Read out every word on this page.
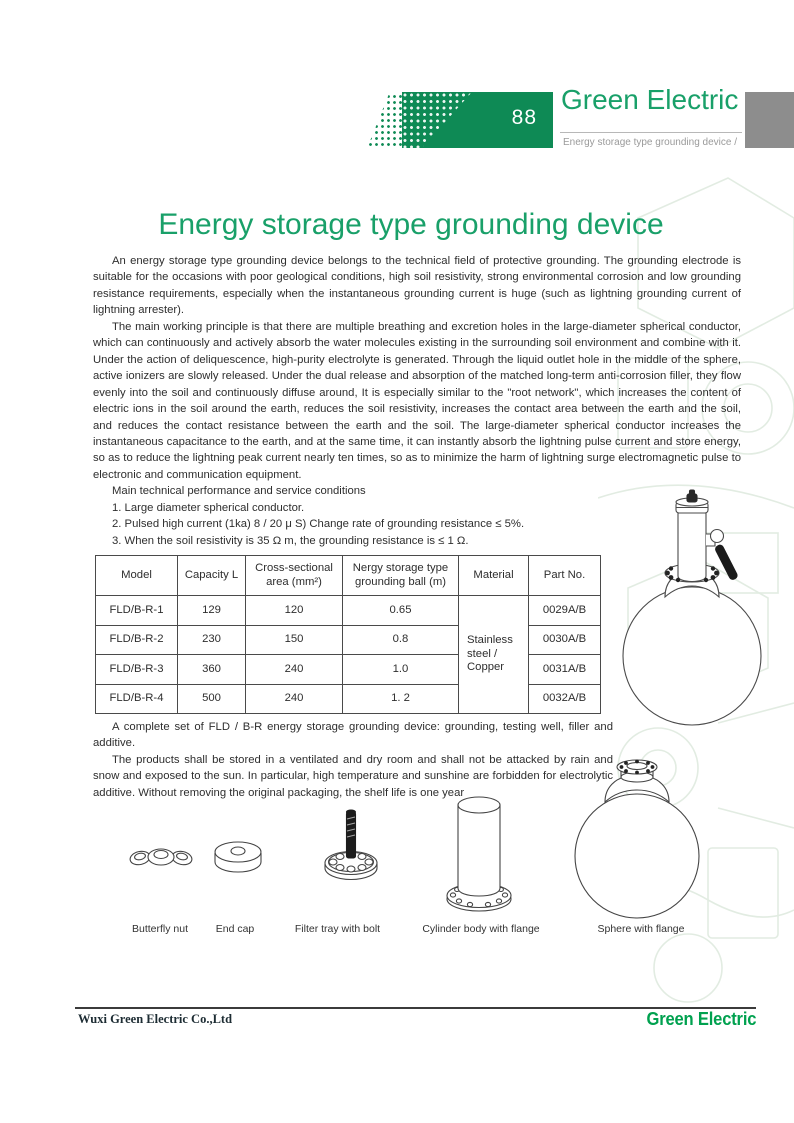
88
Green Electric
Energy storage type grounding device /
Energy storage type grounding device

An energy storage type grounding device belongs to the technical field of protective grounding. The grounding electrode is suitable for the occasions with poor geological conditions, high soil resistivity, strong environmental corrosion and low grounding resistance requirements, especially when the instantaneous grounding current is huge (such as lightning grounding current of lightning arrester).

The main working principle is that there are multiple breathing and excretion holes in the large-diameter spherical conductor, which can continuously and actively absorb the water molecules existing in the surrounding soil environment and combine with it. Under the action of deliquescence, high-purity electrolyte is generated. Through the liquid outlet hole in the middle of the sphere, active ionizers are slowly released. Under the dual release and absorption of the matched long-term anti-corrosion filler, they flow evenly into the soil and continuously diffuse around, It is especially similar to the "root network", which increases the content of electric ions in the soil around the earth, reduces the soil resistivity, increases the contact area between the earth and the soil, and reduces the contact resistance between the earth and the soil. The large-diameter spherical conductor increases the instantaneous capacitance to the earth, and at the same time, it can instantly absorb the lightning pulse current and store energy, so as to reduce the lightning peak current nearly ten times, so as to minimize the harm of lightning surge electromagnetic pulse to electronic and communication equipment.

Main technical performance and service conditions
1. Large diameter spherical conductor.
2. Pulsed high current (1ka) 8 / 20 μ S) Change rate of grounding resistance ≤ 5%.
3. When the soil resistivity is 35 Ω m, the grounding resistance is ≤ 1 Ω.
Model	Capacity L	Cross-sectional area (mm²)	Nergy storage type grounding ball (m)	Material	Part No.
FLD/B-R-1	129	120	0.65	Stainless steel / Copper	0029A/B
FLD/B-R-2	230	150	0.8		0030A/B
FLD/B-R-3	360	240	1.0		0031A/B
FLD/B-R-4	500	240	1. 2		0032A/B

A complete set of FLD / B-R energy storage grounding device: grounding, testing well, filler and additive.

The products shall be stored in a ventilated and dry room and shall not be attacked by rain and snow and exposed to the sun. In particular, high temperature and sunshine are forbidden for electrolytic additive. Without removing the original packaging, the shelf life is one year

Butterfly nut	End cap	Filter tray with bolt	Cylinder body with flange	Sphere with flange
Wuxi Green Electric Co.,Ltd	Green Electric
